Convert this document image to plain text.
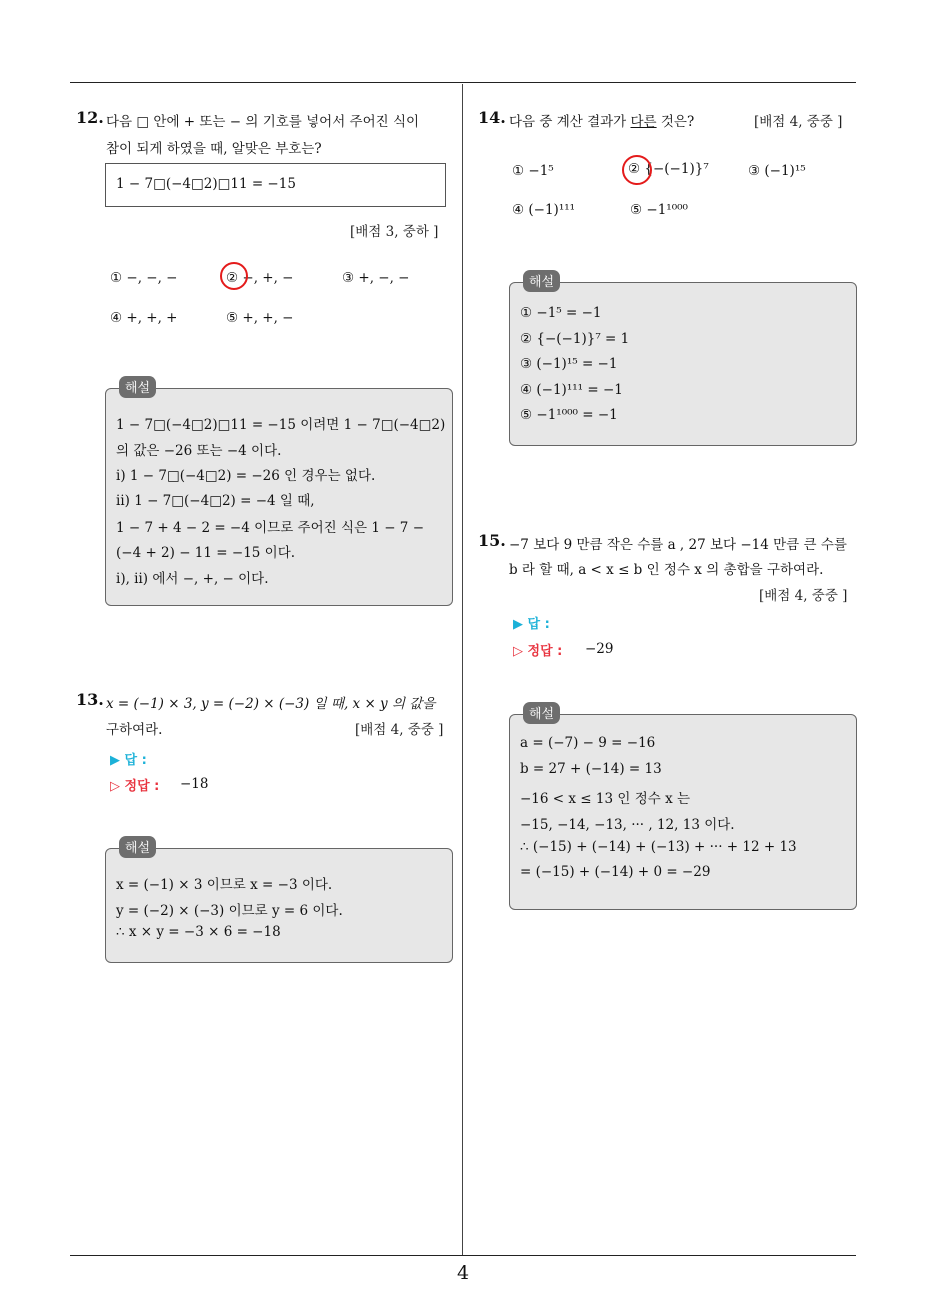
12. 다음 □ 안에 + 또는 − 의 기호를 넣어서 주어진 식이
참이 되게 하였을 때, 알맞은 부호는?
1 − 7□(−4□2)□11 = −15
[배점 3, 중하 ]
① −, −, −	② −, +, −	③ +, −, −
④ +, +, +	⑤ +, +, −
1 − 7□(−4□2)□11 = −15 이려면 1 − 7□(−4□2)
의 값은 −26 또는 −4 이다.
ⅰ) 1 − 7□(−4□2) = −26 인 경우는 없다.
ⅱ) 1 − 7□(−4□2) = −4 일 때,
1 − 7 + 4 − 2 = −4 이므로 주어진 식은 1 − 7 −
(−4 + 2) − 11 = −15 이다.
ⅰ), ⅱ) 에서 −, +, − 이다.
해설
13. x = (−1) × 3, y = (−2) × (−3) 일 때, x × y 의 값을
구하여라.	[배점 4, 중중 ]
▶ 답 :
▷ 정답 : −18
x = (−1) × 3 이므로 x = −3 이다.
y = (−2) × (−3) 이므로 y = 6 이다.
∴ x × y = −3 × 6 = −18
해설
14. 다음 중 계산 결과가 다른 것은?	[배점 4, 중중 ]
① −1⁵	② {−(−1)}⁷	③ (−1)¹⁵
④ (−1)¹¹¹	⑤ −1¹⁰⁰⁰
① −1⁵ = −1
② {−(−1)}⁷ = 1
③ (−1)¹⁵ = −1
④ (−1)¹¹¹ = −1
⑤ −1¹⁰⁰⁰ = −1
해설
15. −7 보다 9 만큼 작은 수를 a , 27 보다 −14 만큼 큰 수를
b 라 할 때, a < x ≤ b 인 정수 x 의 총합을 구하여라.
[배점 4, 중중 ]
▶ 답 :
▷ 정답 : −29
a = (−7) − 9 = −16
b = 27 + (−14) = 13
−16 < x ≤ 13 인 정수 x 는
−15, −14, −13, ··· , 12, 13 이다.
∴ (−15) + (−14) + (−13) + ··· + 12 + 13
= (−15) + (−14) + 0 = −29
해설
4
